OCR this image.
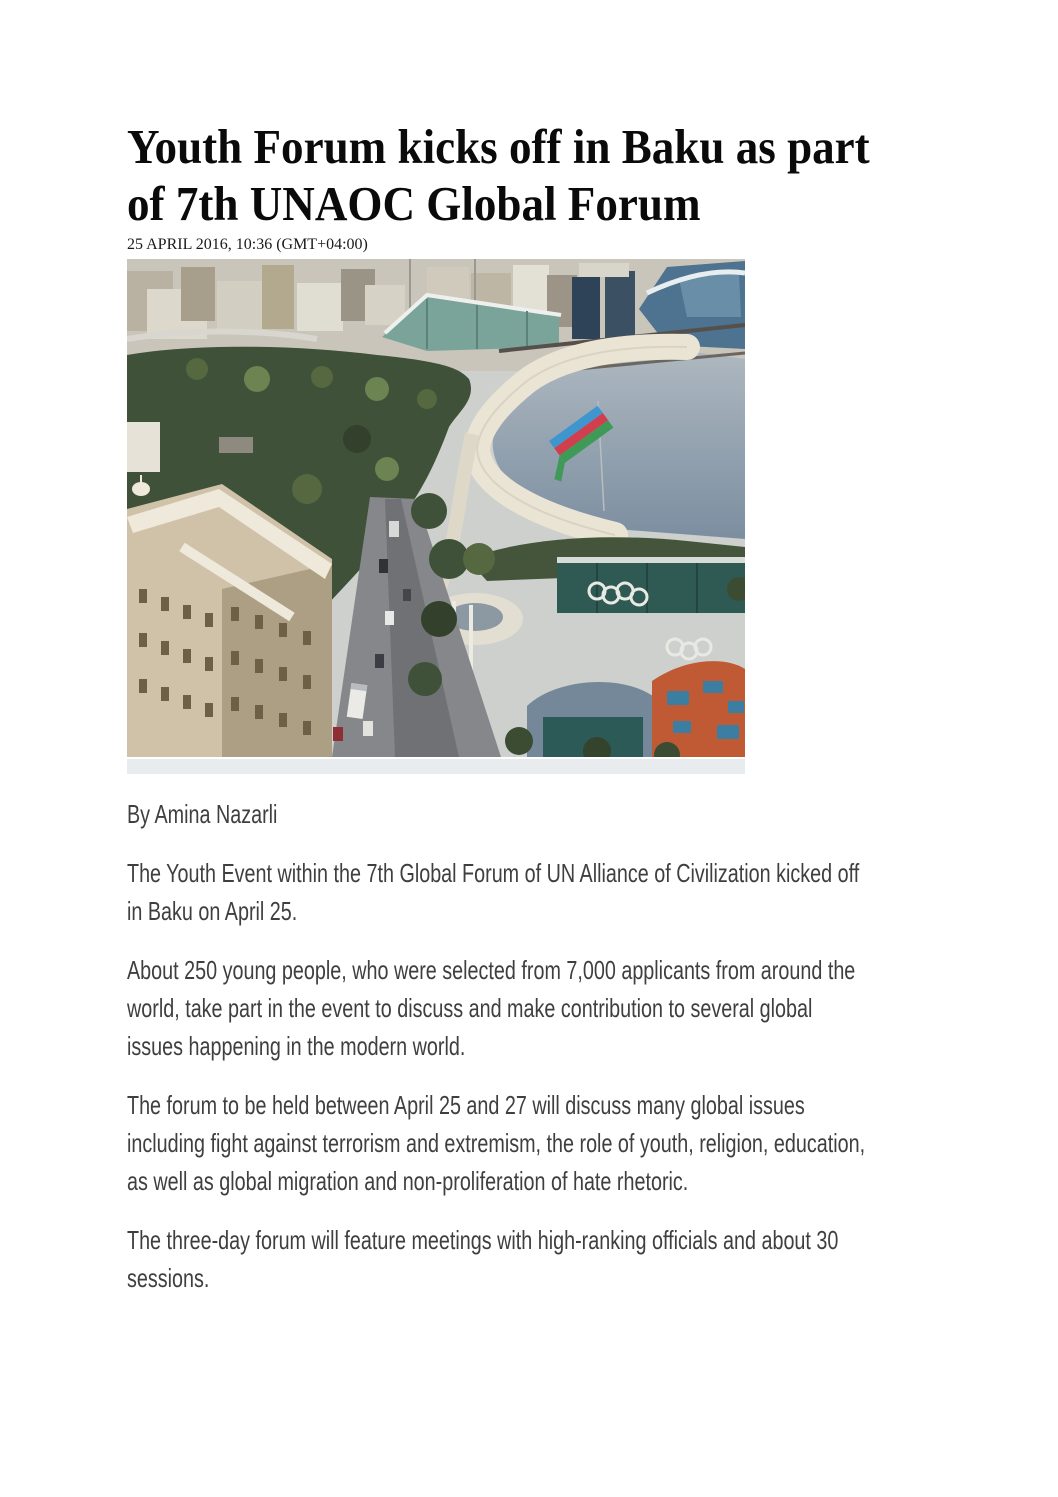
Youth Forum kicks off in Baku as part
of 7th UNAOC Global Forum
25 APRIL 2016, 10:36 (GMT+04:00)
By Amina Nazarli
The Youth Event within the 7th Global Forum of UN Alliance of Civilization kicked off
in Baku on April 25.
About 250 young people, who were selected from 7,000 applicants from around the
world, take part in the event to discuss and make contribution to several global
issues happening in the modern world.
The forum to be held between April 25 and 27 will discuss many global issues
including fight against terrorism and extremism, the role of youth, religion, education,
as well as global migration and non-proliferation of hate rhetoric.
The three-day forum will feature meetings with high-ranking officials and about 30
sessions.
